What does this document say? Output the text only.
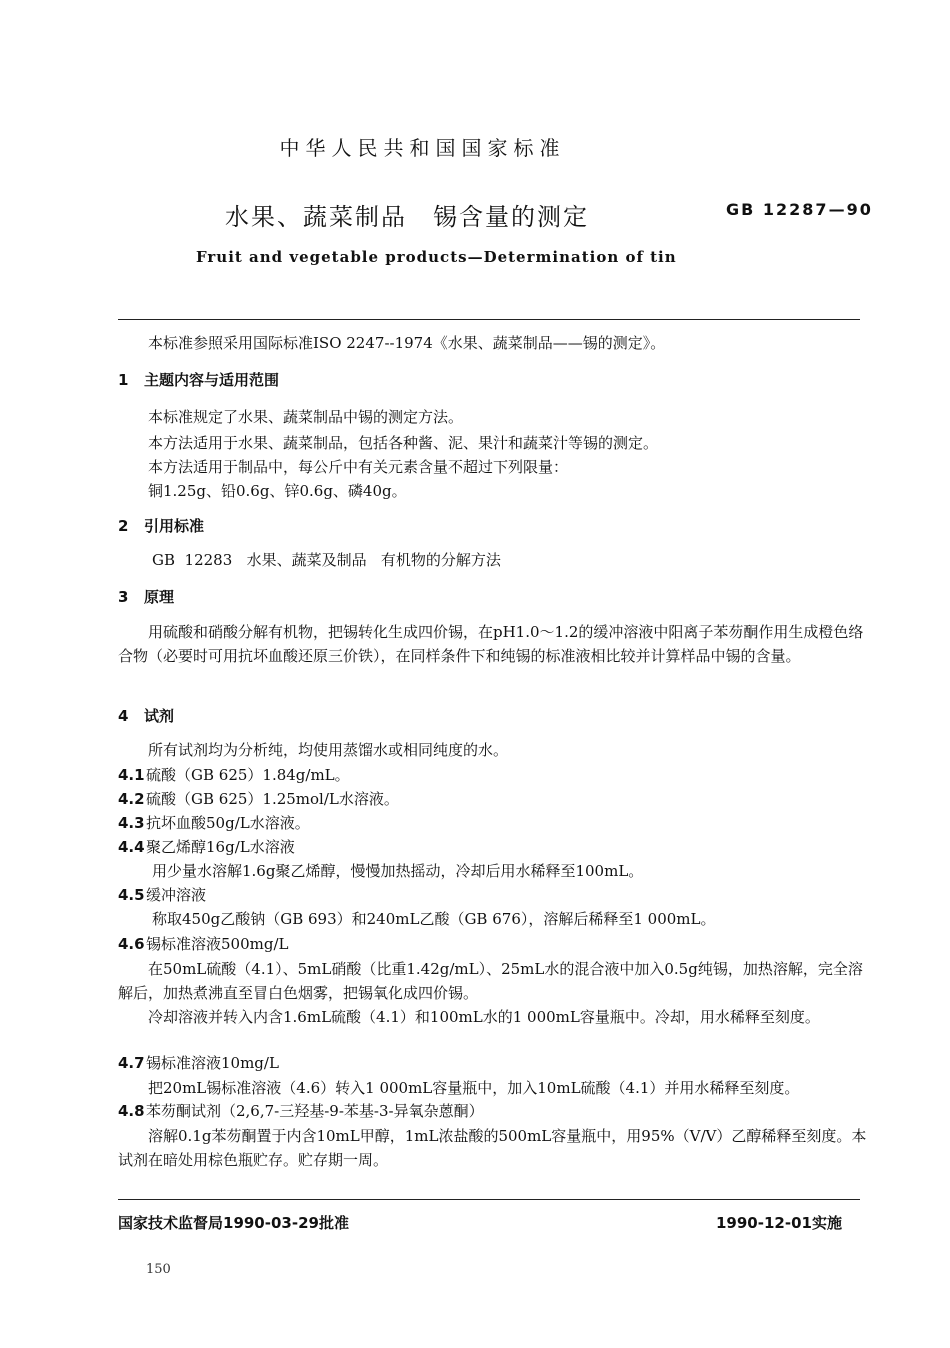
中华人民共和国国家标准

水果、蔬菜制品 锡含量的测定	GB 12287—90

Fruit and vegetable products—Determination of tin

本标准参照采用国际标准ISO 2247--1974《水果、蔬菜制品——锡的测定》。

1 主题内容与适用范围

本标准规定了水果、蔬菜制品中锡的测定方法。

本方法适用于水果、蔬菜制品，包括各种酱、泥、果汁和蔬菜汁等锡的测定。

本方法适用于制品中，每公斤中有关元素含量不超过下列限量：

铜1.25g、铅0.6g、锌0.6g、磷40g。

2 引用标准

GB  12283   水果、蔬菜及制品   有机物的分解方法

3 原理

用硫酸和硝酸分解有机物，把锡转化生成四价锡，在pH1.0～1.2的缓冲溶液中阳离子苯芴酮作用生成橙色络合物（必要时可用抗坏血酸还原三价铁），在同样条件下和纯锡的标准液相比较并计算样品中锡的含量。

4 试剂

所有试剂均为分析纯，均使用蒸馏水或相同纯度的水。

4.1硫酸（GB 625）1.84g/mL。

4.2硫酸（GB 625）1.25mol/L水溶液。

4.3抗坏血酸50g/L水溶液。

4.4聚乙烯醇16g/L水溶液

用少量水溶解1.6g聚乙烯醇，慢慢加热摇动，冷却后用水稀释至100mL。

4.5缓冲溶液

称取450g乙酸钠（GB 693）和240mL乙酸（GB 676），溶解后稀释至1 000mL。

4.6锡标准溶液500mg/L

在50mL硫酸（4.1）、5mL硝酸（比重1.42g/mL）、25mL水的混合液中加入0.5g纯锡，加热溶解，完全溶解后，加热煮沸直至冒白色烟雾，把锡氧化成四价锡。

冷却溶液并转入内含1.6mL硫酸（4.1）和100mL水的1 000mL容量瓶中。冷却，用水稀释至刻度。

4.7锡标准溶液10mg/L

把20mL锡标准溶液（4.6）转入1 000mL容量瓶中，加入10mL硫酸（4.1）并用水稀释至刻度。

4.8苯芴酮试剂（2,6,7-三羟基-9-苯基-3-异氧杂蒽酮）

溶解0.1g苯芴酮置于内含10mL甲醇，1mL浓盐酸的500mL容量瓶中，用95%（V/V）乙醇稀释至刻度。本试剂在暗处用棕色瓶贮存。贮存期一周。

国家技术监督局1990-03-29批准	1990-12-01实施

150
